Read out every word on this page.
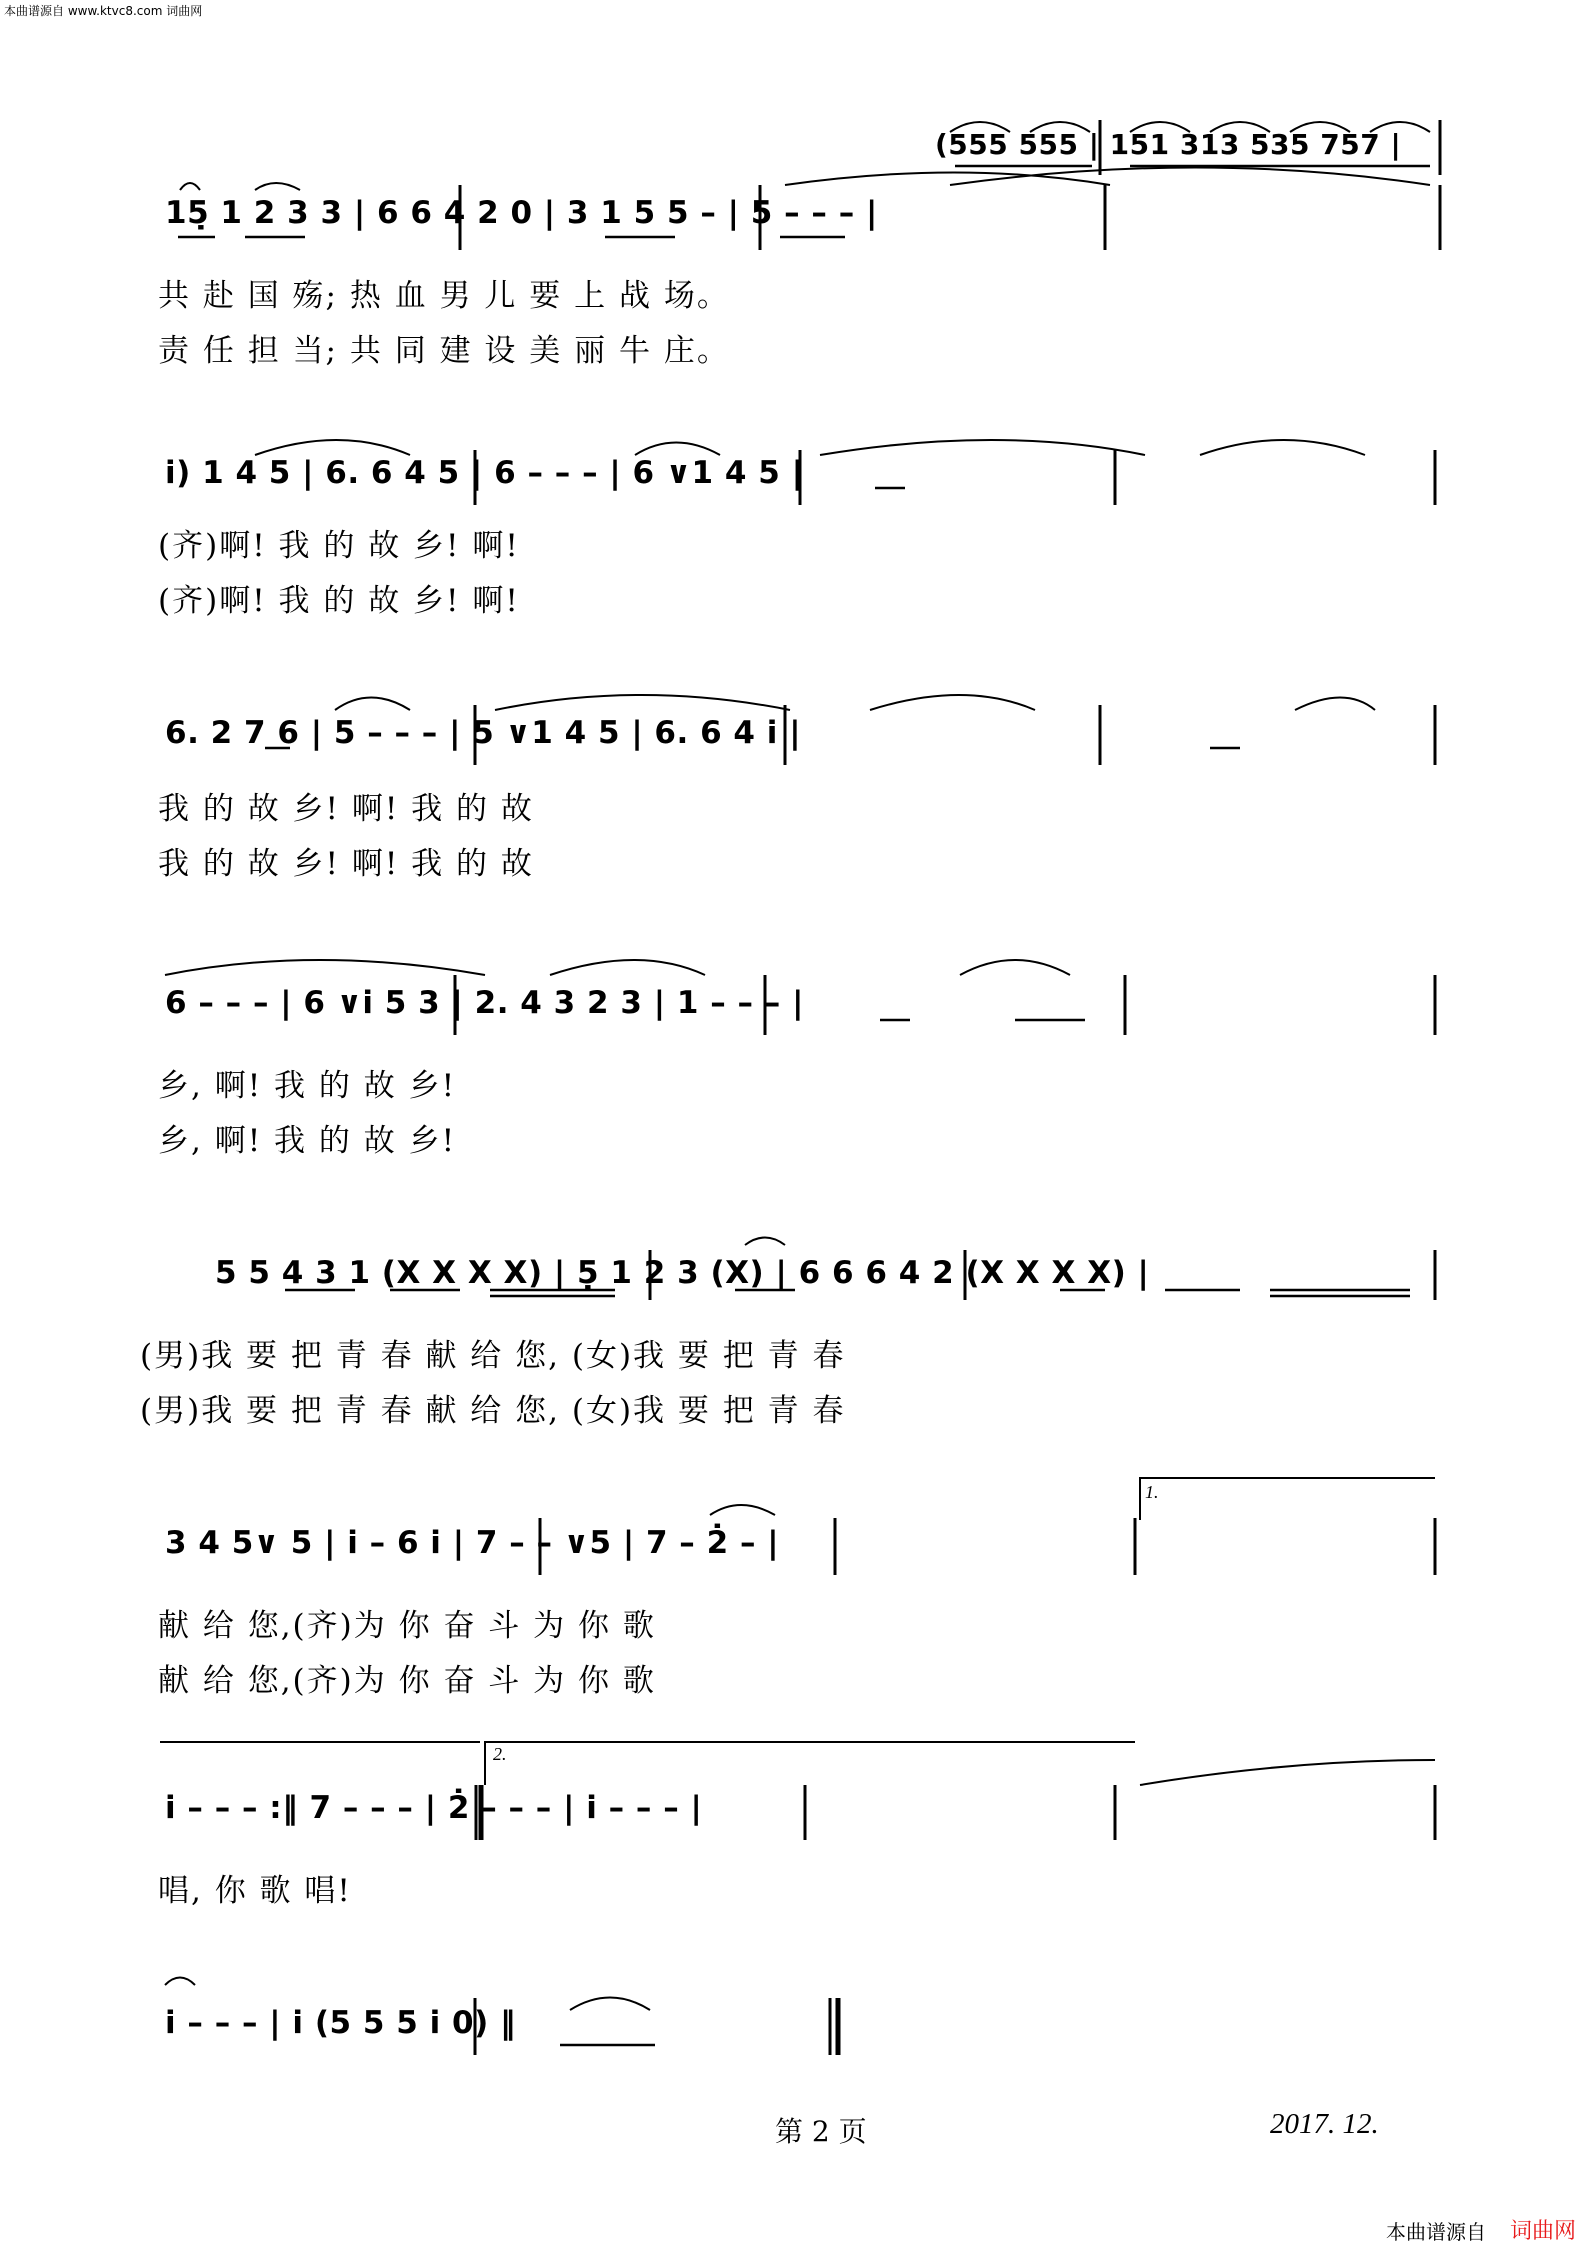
本曲谱源自 www.ktvc8.com 词曲网
本曲谱源自 词曲网
(555 555 | 151 313 535 757 |
15̣ 1 2 3 3 | 6 6 4 2 0 | 3 1 5 5 – | 5 – – – |
共 赴 国 殇; 热 血 男 儿 要 上 战 场。
责 任 担 当; 共 同 建 设 美 丽 牛 庄。
i) 1 4 5 | 6. 6 4 5 | 6 – – – | 6 ∨1 4 5 |
(齐)啊! 我 的 故 乡! 啊!
(齐)啊! 我 的 故 乡! 啊!
6. 2 7 6 | 5 – – – | 5 ∨1 4 5 | 6. 6 4 i |
我 的 故 乡! 啊! 我 的 故
我 的 故 乡! 啊! 我 的 故
6 – – – | 6 ∨i 5 3 | 2. 4 3 2 3 | 1 – – – |
乡, 啊! 我 的 故 乡!
乡, 啊! 我 的 故 乡!
5 5 4 3 1 (X X X X) | 5̣ 1 2 3 (X) | 6 6 6 4 2 (X X X X) |
(男)我 要 把 青 春 献 给 您, (女)我 要 把 青 春
(男)我 要 把 青 春 献 给 您, (女)我 要 把 青 春
1.
3 4 5∨ 5 | i – 6 i | 7 – – ∨5 | 7 – 2̇ – |
献 给 您,(齐)为 你 奋 斗 为 你 歌
献 给 您,(齐)为 你 奋 斗 为 你 歌
2.
i – – – :‖ 7 – – – | 2̇ – – – | i – – – |
唱, 你 歌 唱!
i – – – | i (5 5 5 i 0) ‖
第 2 页	2017. 12.
